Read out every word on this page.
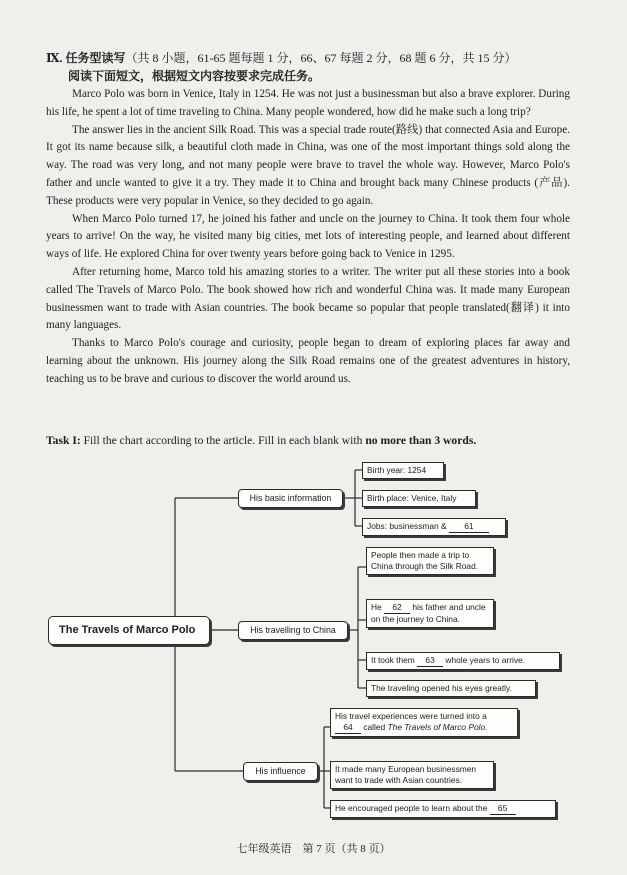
Ⅸ. 任务型读写（共 8 小题，61-65 题每题 1 分，66、67 每题 2 分，68 题 6 分，共 15 分）
阅读下面短文，根据短文内容按要求完成任务。

Marco Polo was born in Venice, Italy in 1254. He was not just a businessman but also a brave explorer. During his life, he spent a lot of time traveling to China. Many people wondered, how did he make such a long trip?

The answer lies in the ancient Silk Road. This was a special trade route(路线) that connected Asia and Europe. It got its name because silk, a beautiful cloth made in China, was one of the most important things sold along the way. The road was very long, and not many people were brave to travel the whole way. However, Marco Polo's father and uncle wanted to give it a try. They made it to China and brought back many Chinese products (产品). These products were very popular in Venice, so they decided to go again.

When Marco Polo turned 17, he joined his father and uncle on the journey to China. It took them four whole years to arrive! On the way, he visited many big cities, met lots of interesting people, and learned about different ways of life. He explored China for over twenty years before going back to Venice in 1295.

After returning home, Marco told his amazing stories to a writer. The writer put all these stories into a book called The Travels of Marco Polo. The book showed how rich and wonderful China was. It made many European businessmen want to trade with Asian countries. The book became so popular that people translated(翻译) it into many languages.

Thanks to Marco Polo's courage and curiosity, people began to dream of exploring places far away and learning about the unknown. His journey along the Silk Road remains one of the greatest adventures in history, teaching us to be brave and curious to discover the world around us.

Task I: Fill the chart according to the article. Fill in each blank with no more than 3 words.
The Travels of Marco Polo
His basic information
His travelling to China
His influence
Birth year: 1254
Birth place: Venice, Italy
Jobs: businessman & 61
People then made a trip to China through the Silk Road.
He 62 his father and uncle on the journey to China.
It took them 63 whole years to arrive.
The traveling opened his eyes greatly.
His travel experiences were turned into a 64 called The Travels of Marco Polo.
It made many European businessmen want to trade with Asian countries.
He encouraged people to learn about the 65
七年级英语　第 7 页（共 8 页）
